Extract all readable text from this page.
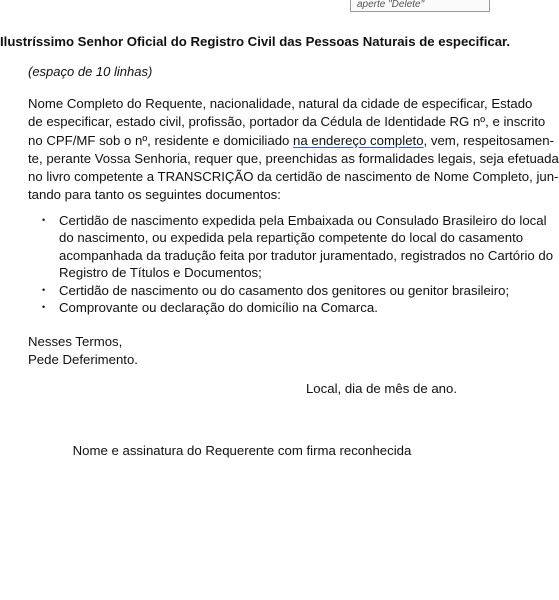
aperte "Delete"
Ilustríssimo Senhor Oficial do Registro Civil das Pessoas Naturais de especificar.
(espaço de 10 linhas)
Nome Completo do Requente, nacionalidade, natural da cidade de especificar, Estado
de especificar, estado civil, profissão, portador da Cédula de Identidade RG nº, e inscrito
no CPF/MF sob o nº, residente e domiciliado na endereço completo, vem, respeitosamen-
te, perante Vossa Senhoria, requer que, preenchidas as formalidades legais, seja efetuada
no livro competente a TRANSCRIÇÃO da certidão de nascimento de Nome Completo, jun-
tando para tanto os seguintes documentos:
• Certidão de nascimento expedida pela Embaixada ou Consulado Brasileiro do local
do nascimento, ou expedida pela repartição competente do local do casamento
acompanhada da tradução feita por tradutor juramentado, registrados no Cartório do
Registro de Títulos e Documentos;
• Certidão de nascimento ou do casamento dos genitores ou genitor brasileiro;
• Comprovante ou declaração do domicílio na Comarca.
Nesses Termos,
Pede Deferimento.
Local, dia de mês de ano.
Nome e assinatura do Requerente com firma reconhecida
